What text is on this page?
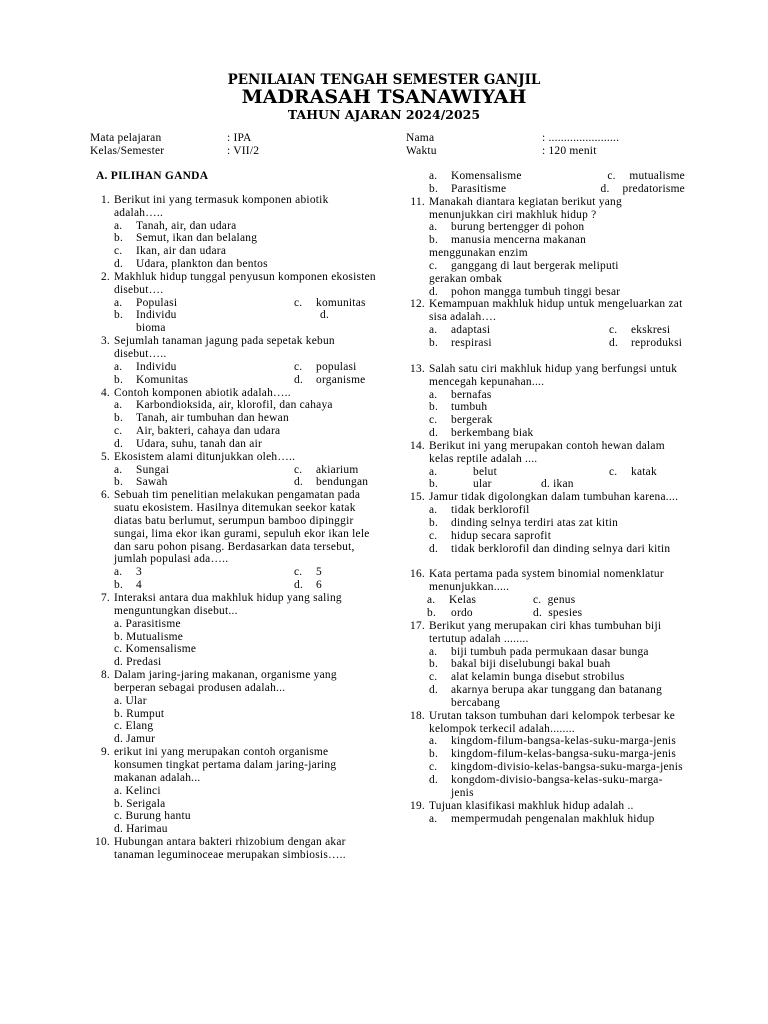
PENILAIAN TENGAH SEMESTER GANJIL
MADRASAH TSANAWIYAH
TAHUN AJARAN 2024/2025
Mata pelajaran	: IPA
Kelas/Semester	: VII/2
Nama	: .......................
Waktu	: 120 menit
A. PILIHAN GANDA
1. Berikut ini yang termasuk komponen abiotik adalah…..
a. Tanah, air, dan udara
b. Semut, ikan dan belalang
c. Ikan, air dan udara
d. Udara, plankton dan bentos
2. Makhluk hidup tunggal penyusun komponen ekosisten disebut….
a. Populasi	c. komunitas
b. Individu	d.
bioma
3. Sejumlah tanaman jagung pada sepetak kebun disebut…..
a. Individu	c. populasi
b. Komunitas	d. organisme
4. Contoh komponen abiotik adalah…..
a. Karbondioksida, air, klorofil, dan cahaya
b. Tanah, air tumbuhan dan hewan
c. Air, bakteri, cahaya dan udara
d. Udara, suhu, tanah dan air
5. Ekosistem alami ditunjukkan oleh…..
a. Sungai	c. akiarium
b. Sawah	d. bendungan
6. Sebuah tim penelitian melakukan pengamatan pada suatu ekosistem. Hasilnya ditemukan seekor katak diatas batu berlumut, serumpun bamboo dipinggir sungai, lima ekor ikan gurami, sepuluh ekor ikan lele dan saru pohon pisang. Berdasarkan data tersebut, jumlah populasi ada…..
a. 3	c. 5
b. 4	d. 6
7. Interaksi antara dua makhluk hidup yang saling menguntungkan disebut...
a. Parasitisme
b. Mutualisme
c. Komensalisme
d. Predasi
8. Dalam jaring-jaring makanan, organisme yang berperan sebagai produsen adalah...
a. Ular
b. Rumput
c. Elang
d. Jamur
9. erikut ini yang merupakan contoh organisme konsumen tingkat pertama dalam jaring-jaring makanan adalah...
a. Kelinci
b. Serigala
c. Burung hantu
d. Harimau
10. Hubungan antara bakteri rhizobium dengan akar tanaman leguminoceae merupakan simbiosis…..
a. Komensalisme	c. mutualisme
b. Parasitisme	d. predatorisme
11. Manakah diantara kegiatan berikut yang menunjukkan ciri makhluk hidup ?
a. burung bertengger di pohon
b. manusia mencerna makanan
menggunakan enzim
c. ganggang di laut bergerak meliputi
gerakan ombak
d. pohon mangga tumbuh tinggi besar
12. Kemampuan makhluk hidup untuk mengeluarkan zat sisa adalah….
a. adaptasi	c. ekskresi
b. respirasi	d. reproduksi
13. Salah satu ciri makhluk hidup yang berfungsi untuk mencegah kepunahan....
a. bernafas
b. tumbuh
c. bergerak
d. berkembang biak
14. Berikut ini yang merupakan contoh hewan dalam kelas reptile adalah ....
a.	belut	c. katak
b.	ular	d. ikan
15. Jamur tidak digolongkan dalam tumbuhan karena....
a. tidak berklorofil
b. dinding selnya terdiri atas zat kitin
c. hidup secara saprofit
d. tidak berklorofil dan dinding selnya dari kitin
16. Kata pertama pada system binomial nomenklatur menunjukkan.....
a. Kelas	c.  genus
b. ordo	d.  spesies
17. Berikut yang merupakan ciri khas tumbuhan biji tertutup adalah ........
a. biji tumbuh pada permukaan dasar bunga
b. bakal biji diselubungi bakal buah
c. alat kelamin bunga disebut strobilus
d. akarnya berupa akar tunggang dan batanang bercabang
18. Urutan takson tumbuhan dari kelompok terbesar ke kelompok terkecil adalah........
a. kingdom-filum-bangsa-kelas-suku-marga-jenis
b. kingdom-filum-kelas-bangsa-suku-marga-jenis
c. kingdom-divisio-kelas-bangsa-suku-marga-jenis
d. kongdom-divisio-bangsa-kelas-suku-marga-jenis
19. Tujuan klasifikasi makhluk hidup adalah ..
a. mempermudah pengenalan makhluk hidup
